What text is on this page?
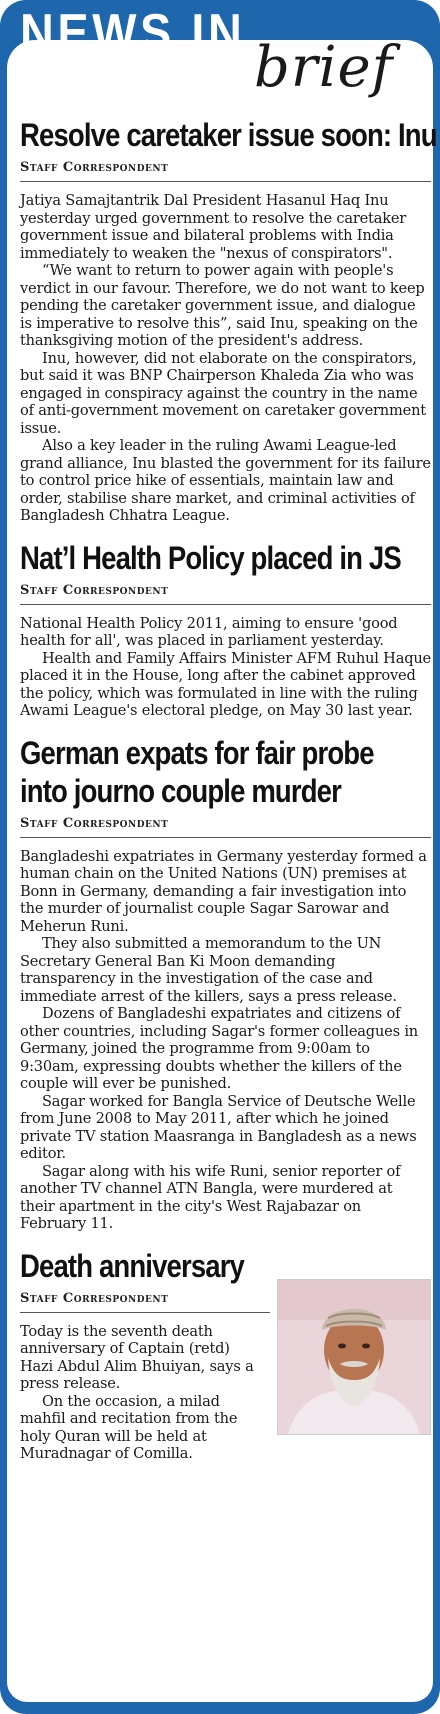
NEWS IN
brief
Resolve caretaker issue soon: Inu
Staff Correspondent

Jatiya Samajtantrik Dal President Hasanul Haq Inu yesterday urged government to resolve the caretaker government issue and bilateral problems with India immediately to weaken the "nexus of conspirators".

“We want to return to power again with people's verdict in our favour. Therefore, we do not want to keep pending the caretaker government issue, and dialogue is imperative to resolve this”, said Inu, speaking on the thanksgiving motion of the president's address.

Inu, however, did not elaborate on the conspirators, but said it was BNP Chairperson Khaleda Zia who was engaged in conspiracy against the country in the name of anti-government movement on caretaker government issue.

Also a key leader in the ruling Awami League-led grand alliance, Inu blasted the government for its failure to control price hike of essentials, maintain law and order, stabilise share market, and criminal activities of Bangladesh Chhatra League.

Nat’l Health Policy placed in JS
Staff Correspondent

National Health Policy 2011, aiming to ensure 'good health for all', was placed in parliament yesterday.

Health and Family Affairs Minister AFM Ruhul Haque placed it in the House, long after the cabinet approved the policy, which was formulated in line with the ruling Awami League's electoral pledge, on May 30 last year.

German expats for fair probe
into journo couple murder
Staff Correspondent

Bangladeshi expatriates in Germany yesterday formed a human chain on the United Nations (UN) premises at Bonn in Germany, demanding a fair investigation into the murder of journalist couple Sagar Sarowar and Meherun Runi.

They also submitted a memorandum to the UN Secretary General Ban Ki Moon demanding transparency in the investigation of the case and immediate arrest of the killers, says a press release.

Dozens of Bangladeshi expatriates and citizens of other countries, including Sagar's former colleagues in Germany, joined the programme from 9:00am to 9:30am, expressing doubts whether the killers of the couple will ever be punished.

Sagar worked for Bangla Service of Deutsche Welle from June 2008 to May 2011, after which he joined private TV station Maasranga in Bangladesh as a news editor.

Sagar along with his wife Runi, senior reporter of another TV channel ATN Bangla, were murdered at their apartment in the city's West Rajabazar on February 11.

Death anniversary
Staff Correspondent

Today is the seventh death anniversary of Captain (retd) Hazi Abdul Alim Bhuiyan, says a press release.

On the occasion, a milad mahfil and recitation from the holy Quran will be held at Muradnagar of Comilla.
